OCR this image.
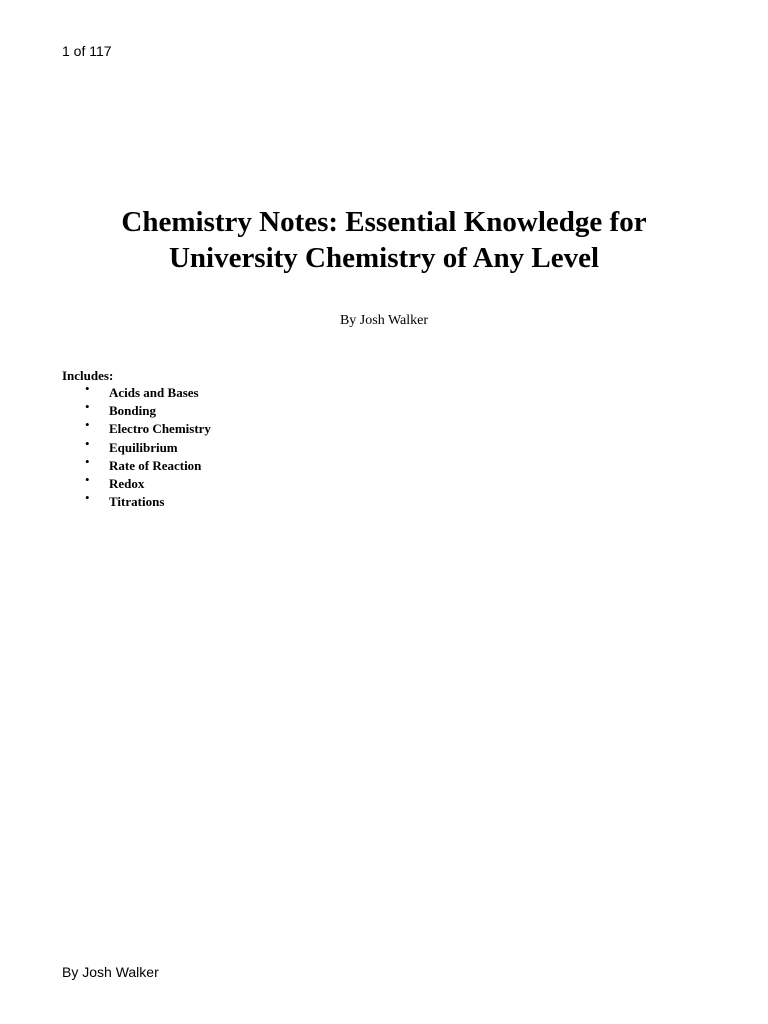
1 of 117
Chemistry Notes: Essential Knowledge for
University Chemistry of Any Level
By Josh Walker
Includes:
• Acids and Bases
• Bonding
• Electro Chemistry
• Equilibrium
• Rate of Reaction
• Redox
• Titrations
By Josh Walker
